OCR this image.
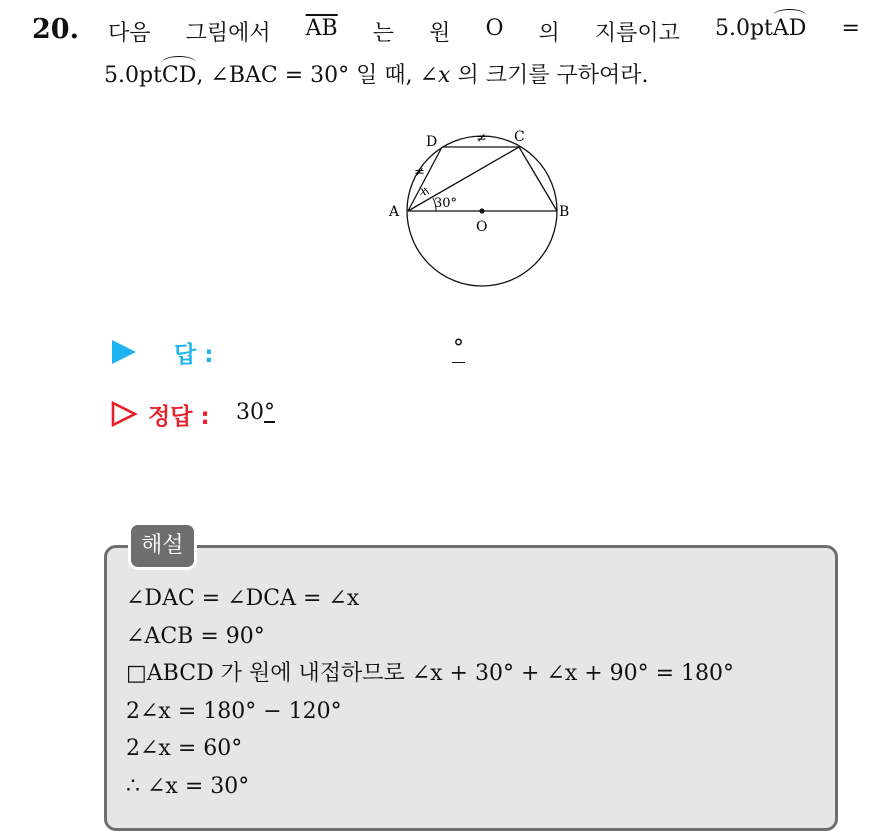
20. 다음 그림에서 $\overline{AB}$ 는 원 O 의 지름이고 5.0ptAD =
5.0ptCD, ∠BAC = 30° 일 때, ∠x 의 크기를 구하여라.
≠
≠
D	C
A	B
O
x
30°
답 :	°
정답 : 30°
해설
∠DAC = ∠DCA = ∠x
∠ACB = 90°
□ABCD 가 원에 내접하므로 ∠x + 30° + ∠x + 90° = 180°
2∠x = 180° − 120°
2∠x = 60°
∴ ∠x = 30°
